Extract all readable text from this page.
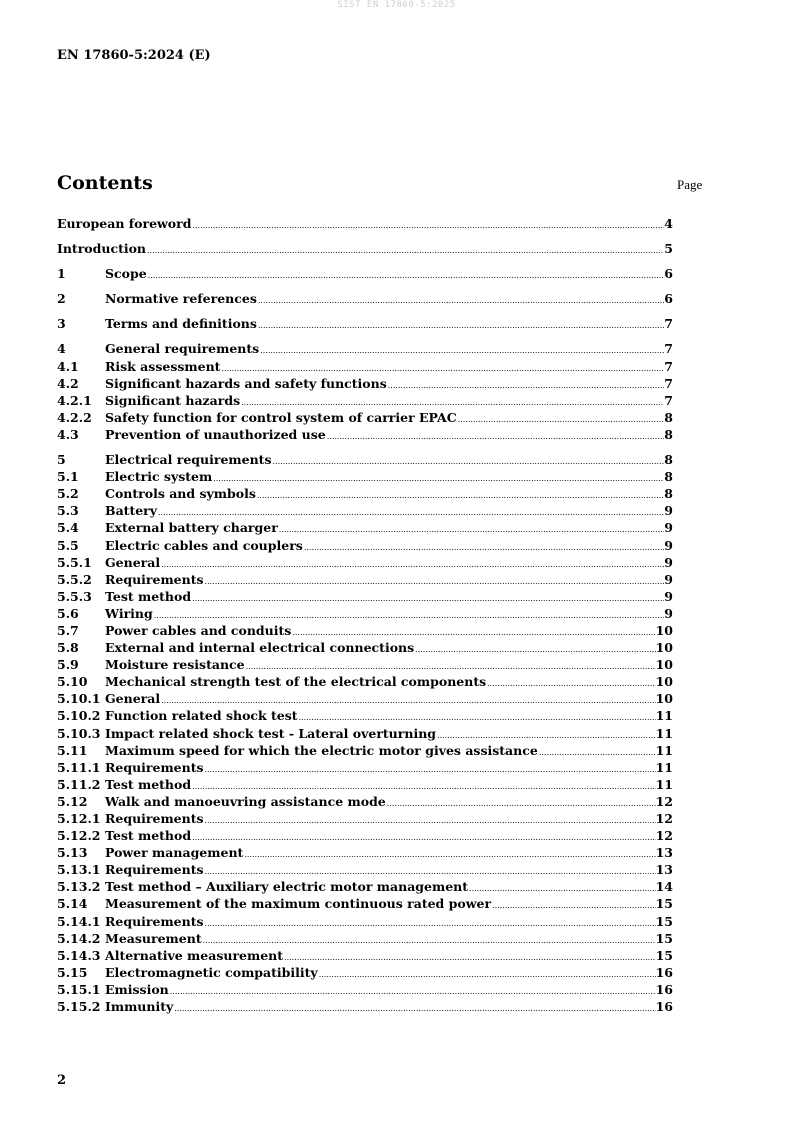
SIST EN 17860-5:2025
EN 17860-5:2024 (E)
Contents	Page
European foreword .....	4
Introduction .....	5
1	Scope .....	6
2	Normative references .....	6
3	Terms and definitions .....	7
4	General requirements .....	7
4.1	Risk assessment .....	7
4.2	Significant hazards and safety functions .....	7
4.2.1	Significant hazards .....	7
4.2.2	Safety function for control system of carrier EPAC .....	8
4.3	Prevention of unauthorized use .....	8
5	Electrical requirements .....	8
5.1	Electric system .....	8
5.2	Controls and symbols .....	8
5.3	Battery .....	9
5.4	External battery charger .....	9
5.5	Electric cables and couplers .....	9
5.5.1	General .....	9
5.5.2	Requirements .....	9
5.5.3	Test method .....	9
5.6	Wiring .....	9
5.7	Power cables and conduits .....	10
5.8	External and internal electrical connections .....	10
5.9	Moisture resistance .....	10
5.10	Mechanical strength test of the electrical components .....	10
5.10.1 General .....	10
5.10.2 Function related shock test .....	11
5.10.3 Impact related shock test - Lateral overturning .....	11
5.11	Maximum speed for which the electric motor gives assistance .....	11
5.11.1 Requirements .....	11
5.11.2 Test method .....	11
5.12	Walk and manoeuvring assistance mode .....	12
5.12.1 Requirements .....	12
5.12.2 Test method .....	12
5.13	Power management .....	13
5.13.1 Requirements .....	13
5.13.2 Test method – Auxiliary electric motor management .....	14
5.14	Measurement of the maximum continuous rated power .....	15
5.14.1 Requirements .....	15
5.14.2 Measurement .....	15
5.14.3 Alternative measurement .....	15
5.15	Electromagnetic compatibility .....	16
5.15.1 Emission .....	16
5.15.2 Immunity .....	16
2
